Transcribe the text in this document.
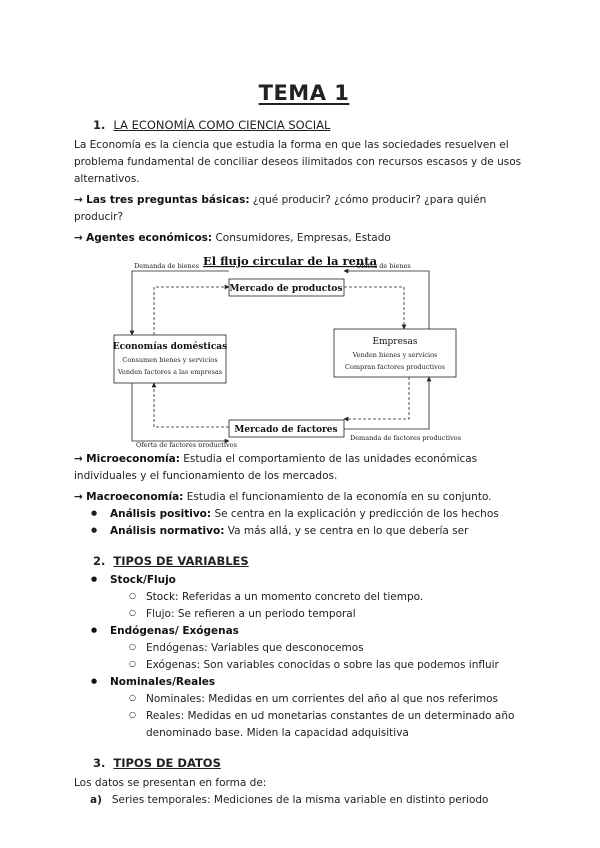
TEMA 1
1. LA ECONOMÍA COMO CIENCIA SOCIAL

La Economía es la ciencia que estudia la forma en que las sociedades resuelven el problema fundamental de conciliar deseos ilimitados con recursos escasos y de usos alternativos.

→ Las tres preguntas básicas: ¿qué producir? ¿cómo producir? ¿para quién producir?

→ Agentes económicos: Consumidores, Empresas, Estado

El flujo circular de la renta
Mercado de productos
Mercado de factores
Economías domésticas
Consumen bienes y servicios
Venden factores a las empresas
Empresas
Venden bienes y servicios
Compran factores productivos
Demanda de bienes	Oferta de bienes
Oferta de factores productivos
Demanda de factores productivos

→ Microeconomía: Estudia el comportamiento de las unidades económicas individuales y el funcionamiento de los mercados.

→ Macroeconomía: Estudia el funcionamiento de la economía en su conjunto.

● Análisis positivo: Se centra en la explicación y predicción de los hechos
● Análisis normativo: Va más allá, y se centra en lo que debería ser
2. TIPOS DE VARIABLES
● Stock/Flujo
○ Stock: Referidas a un momento concreto del tiempo.
○ Flujo: Se refieren a un periodo temporal
● Endógenas/ Exógenas
○ Endógenas: Variables que desconocemos
○ Exógenas: Son variables conocidas o sobre las que podemos influir
● Nominales/Reales
○ Nominales: Medidas en um corrientes del año al que nos referimos
○ Reales: Medidas en ud monetarias constantes de un determinado año denominado base. Miden la capacidad adquisitiva
3. TIPOS DE DATOS

Los datos se presentan en forma de:

a) Series temporales: Mediciones de la misma variable en distinto periodo
